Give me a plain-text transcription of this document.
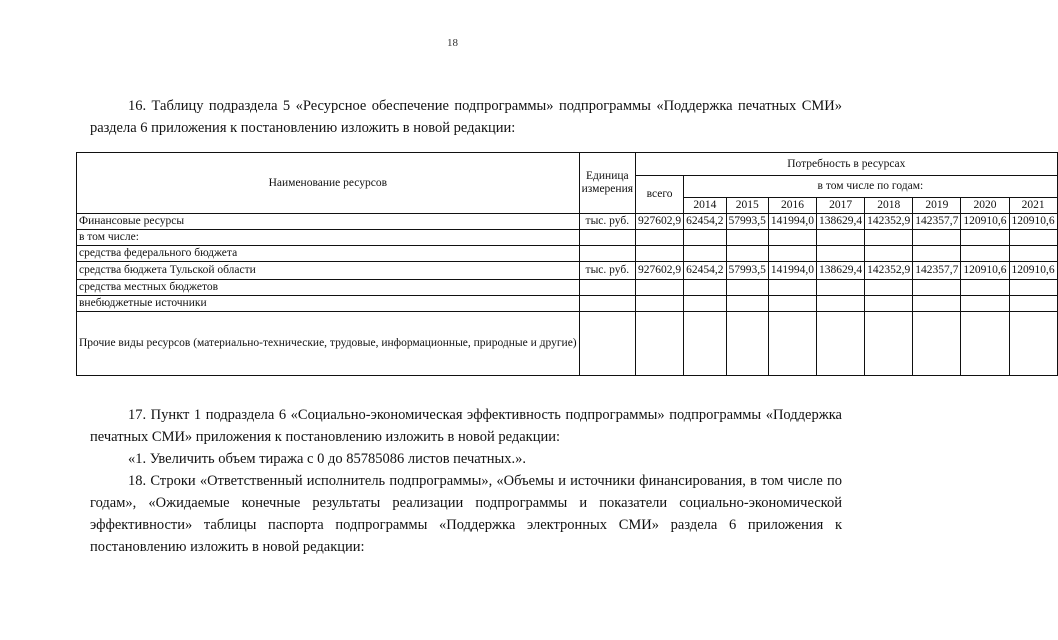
18
16. Таблицу подраздела 5 «Ресурсное обеспечение подпрограммы» подпрограммы «Поддержка печатных СМИ» раздела 6 приложения к постановлению изложить в новой редакции:
Наименование ресурсов	Единица измерения	Потребность в ресурсах								
		всего	в том числе по годам:							
			2014	2015	2016	2017	2018	2019	2020	2021
Финансовые ресурсы	тыс. руб.	927602,9	62454,2	57993,5	141994,0	138629,4	142352,9	142357,7	120910,6	120910,6
в том числе:										
средства федерального бюджета										
средства бюджета Тульской области	тыс. руб.	927602,9	62454,2	57993,5	141994,0	138629,4	142352,9	142357,7	120910,6	120910,6
средства местных бюджетов										
внебюджетные источники										
Прочие виды ресурсов (материально-технические, трудовые, информационные, природные и другие)										
17. Пункт 1 подраздела 6 «Социально-экономическая эффективность подпрограммы» подпрограммы «Поддержка печатных СМИ» приложения к постановлению изложить в новой редакции:
«1. Увеличить объем тиража с 0 до 85785086 листов печатных.».
18. Строки «Ответственный исполнитель подпрограммы», «Объемы и источники финансирования, в том числе по годам», «Ожидаемые конечные результаты реализации подпрограммы и показатели социально-экономической эффективности» таблицы паспорта подпрограммы «Поддержка электронных СМИ» раздела 6 приложения к постановлению изложить в новой редакции:
